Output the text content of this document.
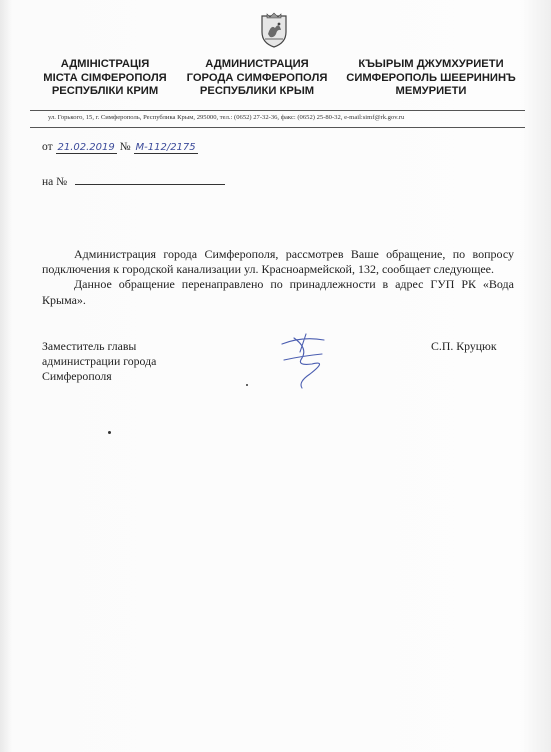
АДМІНІСТРАЦІЯ
МІСТА СІМФЕРОПОЛЯ
РЕСПУБЛІКИ КРИМ
АДМИНИСТРАЦИЯ
ГОРОДА СИМФЕРОПОЛЯ
РЕСПУБЛИКИ КРЫМ
КЪЫРЫМ ДЖУМХУРИЕТИ
СИМФЕРОПОЛЬ ШЕЕРИНИНЪ
МЕМУРИЕТИ
ул. Горького, 15, г. Симферополь, Республика Крым, 295000, тел.: (0652) 27-32-36, факс: (0652) 25-80-32, e-mail:simf@rk.gov.ru
от 21.02.2019 № М-112/2175
на №

Администрация города Симферополя, рассмотрев Ваше обращение, по вопросу подключения к городской канализации ул. Красноармейской, 132, сообщает следующее.

Данное обращение перенаправлено по принадлежности в адрес ГУП РК «Вода Крыма».

Заместитель главы
администрации города
Симферополя
С.П. Круцюк
